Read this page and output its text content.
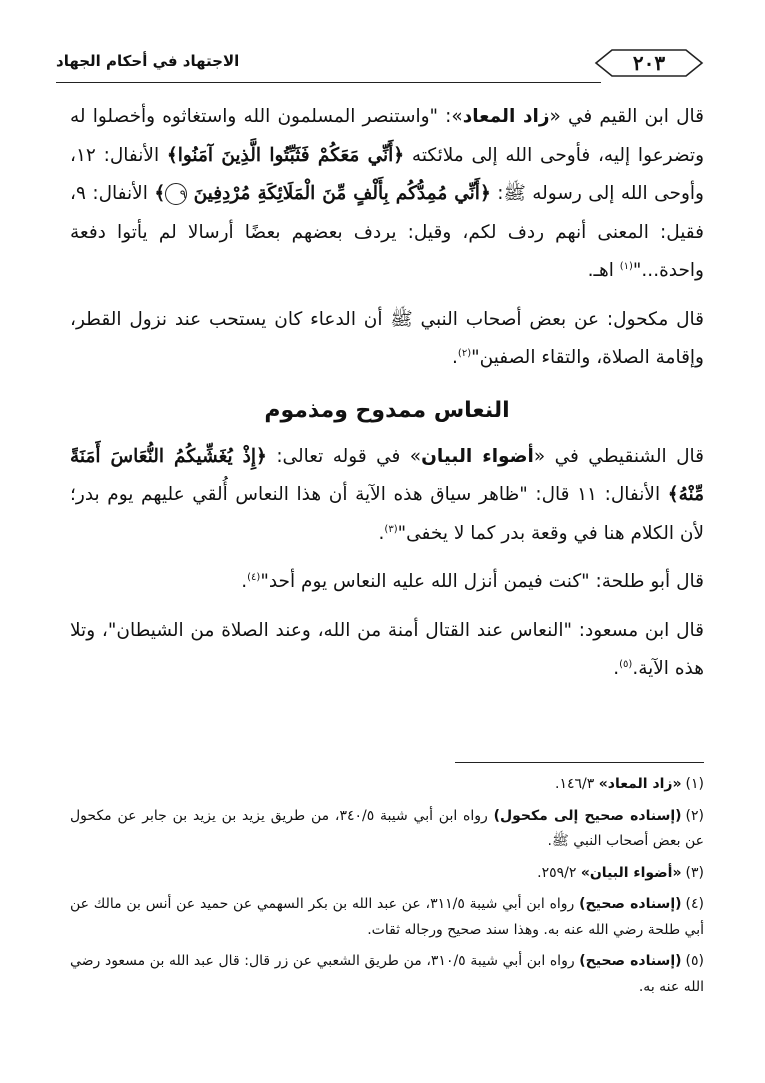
٢٠٣
الاجتهاد في أحكام الجهاد

قال ابن القيم في «زاد المعاد»: "واستنصر المسلمون الله واستغاثوه وأخصلوا له وتضرعوا إليه، فأوحى الله إلى ملائكته ﴿أَنِّي مَعَكُمْ فَثَبِّتُوا الَّذِينَ آمَنُوا﴾ الأنفال: ١٢، وأوحى الله إلى رسوله ﷺ: ﴿أَنِّي مُمِدُّكُم بِأَلْفٍ مِّنَ الْمَلَائِكَةِ مُرْدِفِينَ ٩﴾ الأنفال: ٩، فقيل: المعنى أنهم ردف لكم، وقيل: يردف بعضهم بعضًا أرسالا لم يأتوا دفعة واحدة..."$^{(١)}$ اهـ.

قال مكحول: عن بعض أصحاب النبي ﷺ أن الدعاء كان يستحب عند نزول القطر، وإقامة الصلاة، والتقاء الصفين"$^{(٢)}$.

النعاس ممدوح ومذموم

قال الشنقيطي في «أضواء البيان» في قوله تعالى: ﴿إِذْ يُغَشِّيكُمُ النُّعَاسَ أَمَنَةً مِّنْهُ﴾ الأنفال: ١١ قال: "ظاهر سياق هذه الآية أن هذا النعاس أُلقي عليهم يوم بدر؛ لأن الكلام هنا في وقعة بدر كما لا يخفى"$^{(٣)}$.

قال أبو طلحة: "كنت فيمن أنزل الله عليه النعاس يوم أحد"$^{(٤)}$.

قال ابن مسعود: "النعاس عند القتال أمنة من الله، وعند الصلاة من الشيطان"، وتلا هذه الآية.$^{(٥)}$.

(١)«زاد المعاد» ١٤٦/٣.

(٢)(إسناده صحيح إلى مكحول) رواه ابن أبي شيبة ٣٤٠/٥، من طريق يزيد بن يزيد بن جابر عن مكحول عن بعض أصحاب النبي ﷺ.

(٣)«أضواء البيان» ٢٥٩/٢.

(٤)(إسناده صحيح) رواه ابن أبي شيبة ٣١١/٥، عن عبد الله بن بكر السهمي عن حميد عن أنس بن مالك عن أبي طلحة رضي الله عنه به. وهذا سند صحيح ورجاله ثقات.

(٥)(إسناده صحيح) رواه ابن أبي شيبة ٣١٠/٥، من طريق الشعبي عن زر قال: قال عبد الله بن مسعود رضي الله عنه به.
